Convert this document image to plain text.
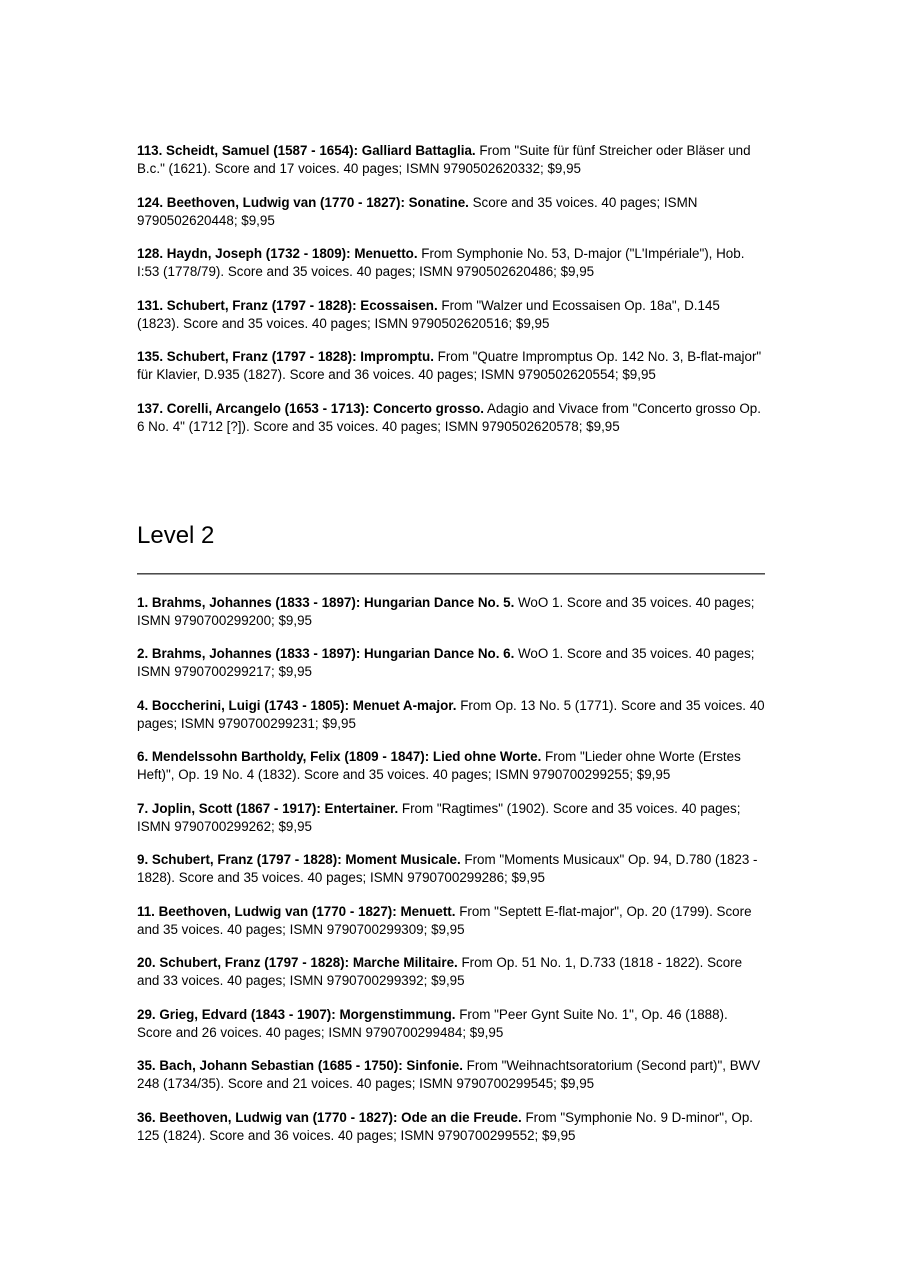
113. Scheidt, Samuel (1587 - 1654): Galliard Battaglia. From "Suite für fünf Streicher oder Bläser und B.c." (1621). Score and 17 voices. 40 pages; ISMN 9790502620332; $9,95

124. Beethoven, Ludwig van (1770 - 1827): Sonatine. Score and 35 voices. 40 pages; ISMN 9790502620448; $9,95

128. Haydn, Joseph (1732 - 1809): Menuetto. From Symphonie No. 53, D-major ("L'Impériale"), Hob. I:53 (1778/79). Score and 35 voices. 40 pages; ISMN 9790502620486; $9,95

131. Schubert, Franz (1797 - 1828): Ecossaisen. From "Walzer und Ecossaisen Op. 18a", D.145 (1823). Score and 35 voices. 40 pages; ISMN 9790502620516; $9,95

135. Schubert, Franz (1797 - 1828): Impromptu. From "Quatre Impromptus Op. 142 No. 3, B-flat-major" für Klavier, D.935 (1827). Score and 36 voices. 40 pages; ISMN 9790502620554; $9,95

137. Corelli, Arcangelo (1653 - 1713): Concerto grosso. Adagio and Vivace from "Concerto grosso Op. 6 No. 4" (1712 [?]). Score and 35 voices. 40 pages; ISMN 9790502620578; $9,95

Level 2

1. Brahms, Johannes (1833 - 1897): Hungarian Dance No. 5. WoO 1. Score and 35 voices. 40 pages; ISMN 9790700299200; $9,95

2. Brahms, Johannes (1833 - 1897): Hungarian Dance No. 6. WoO 1. Score and 35 voices. 40 pages; ISMN 9790700299217; $9,95

4. Boccherini, Luigi (1743 - 1805): Menuet A-major. From Op. 13 No. 5 (1771). Score and 35 voices. 40 pages; ISMN 9790700299231; $9,95

6. Mendelssohn Bartholdy, Felix (1809 - 1847): Lied ohne Worte. From "Lieder ohne Worte (Erstes Heft)", Op. 19 No. 4 (1832). Score and 35 voices. 40 pages; ISMN 9790700299255; $9,95

7. Joplin, Scott (1867 - 1917): Entertainer. From "Ragtimes" (1902). Score and 35 voices. 40 pages; ISMN 9790700299262; $9,95

9. Schubert, Franz (1797 - 1828): Moment Musicale. From "Moments Musicaux" Op. 94, D.780 (1823 - 1828). Score and 35 voices. 40 pages; ISMN 9790700299286; $9,95

11. Beethoven, Ludwig van (1770 - 1827): Menuett. From "Septett E-flat-major", Op. 20 (1799). Score and 35 voices. 40 pages; ISMN 9790700299309; $9,95

20. Schubert, Franz (1797 - 1828): Marche Militaire. From Op. 51 No. 1, D.733 (1818 - 1822). Score and 33 voices. 40 pages; ISMN 9790700299392; $9,95

29. Grieg, Edvard (1843 - 1907): Morgenstimmung. From "Peer Gynt Suite No. 1", Op. 46 (1888). Score and 26 voices. 40 pages; ISMN 9790700299484; $9,95

35. Bach, Johann Sebastian (1685 - 1750): Sinfonie. From "Weihnachtsoratorium (Second part)", BWV 248 (1734/35). Score and 21 voices. 40 pages; ISMN 9790700299545; $9,95

36. Beethoven, Ludwig van (1770 - 1827): Ode an die Freude. From "Symphonie No. 9 D-minor", Op. 125 (1824). Score and 36 voices. 40 pages; ISMN 9790700299552; $9,95
